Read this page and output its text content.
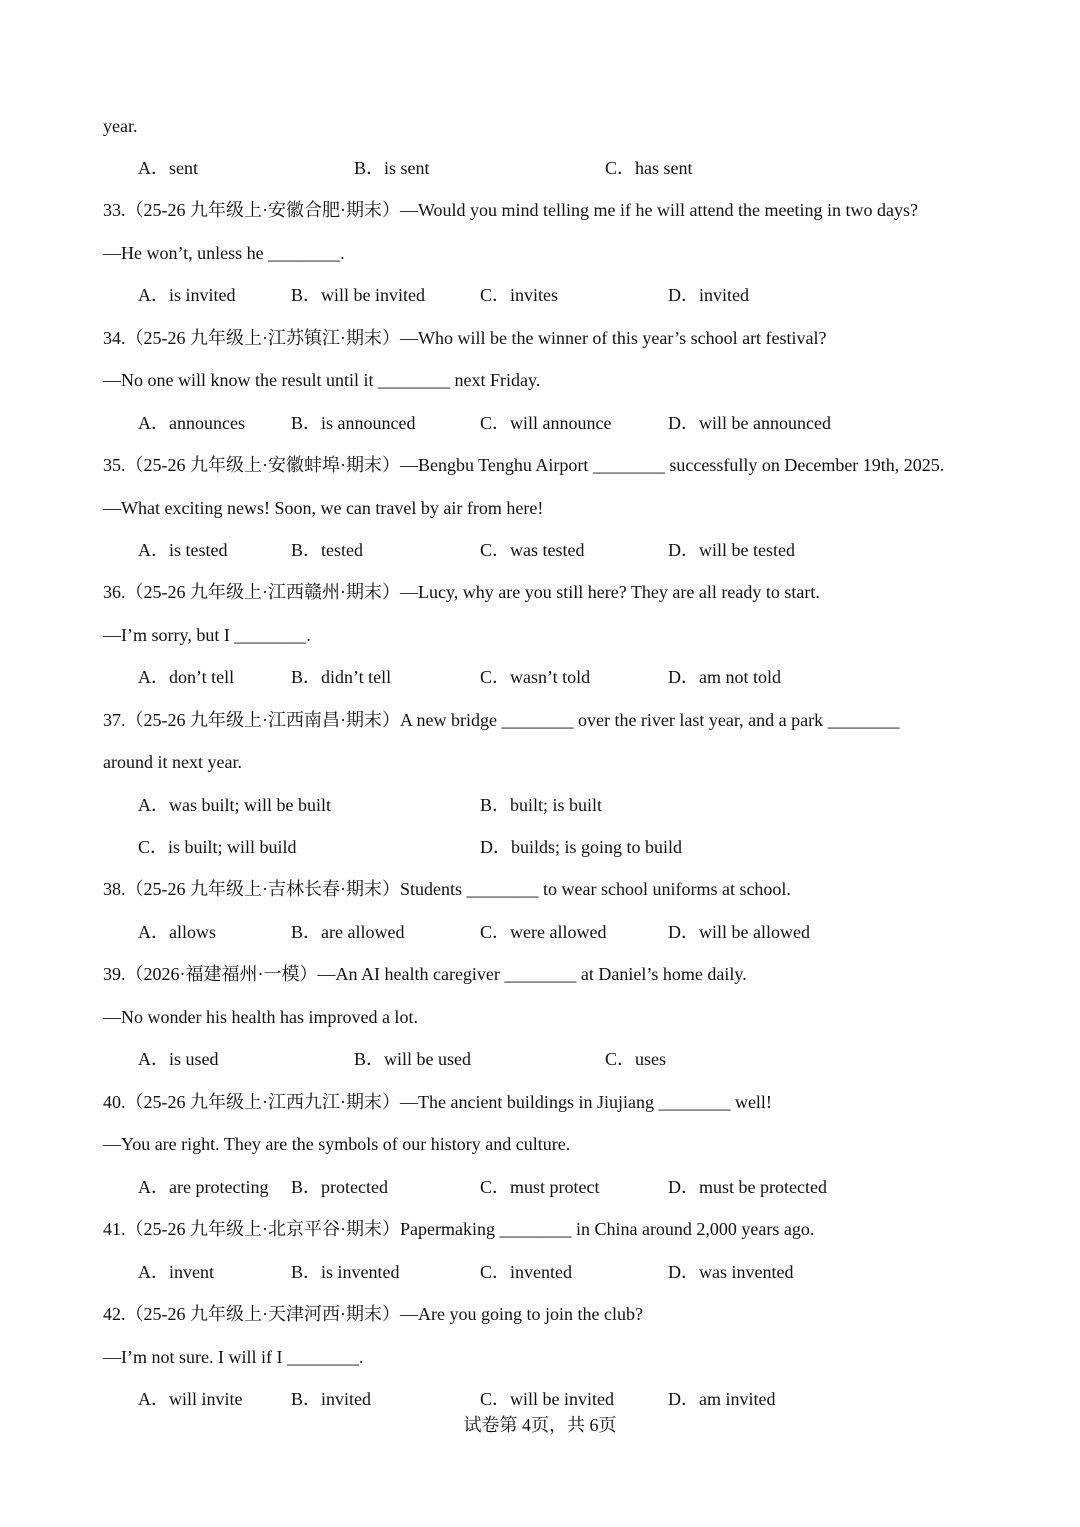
year.
A．sent	B．is sent	C．has sent
33.（25-26 九年级上·安徽合肥·期末）—Would you mind telling me if he will attend the meeting in two days?
—He won’t, unless he ________.
A．is invited	B．will be invited	C．invites	D．invited
34.（25-26 九年级上·江苏镇江·期末）—Who will be the winner of this year’s school art festival?
—No one will know the result until it ________ next Friday.
A．announces	B．is announced	C．will announce	D．will be announced
35.（25-26 九年级上·安徽蚌埠·期末）—Bengbu Tenghu Airport ________ successfully on December 19th, 2025.
—What exciting news! Soon, we can travel by air from here!
A．is tested	B．tested	C．was tested	D．will be tested
36.（25-26 九年级上·江西赣州·期末）—Lucy, why are you still here? They are all ready to start.
—I’m sorry, but I ________.
A．don’t tell	B．didn’t tell	C．wasn’t told	D．am not told
37.（25-26 九年级上·江西南昌·期末）A new bridge ________ over the river last year, and a park ________
around it next year.
A．was built; will be built	B．built; is built
C．is built; will build	D．builds; is going to build
38.（25-26 九年级上·吉林长春·期末）Students ________ to wear school uniforms at school.
A．allows	B．are allowed	C．were allowed	D．will be allowed
39.（2026·福建福州·一模）—An AI health caregiver ________ at Daniel’s home daily.
—No wonder his health has improved a lot.
A．is used	B．will be used	C．uses
40.（25-26 九年级上·江西九江·期末）—The ancient buildings in Jiujiang ________ well!
—You are right. They are the symbols of our history and culture.
A．are protecting B．protected	C．must protect	D．must be protected
41.（25-26 九年级上·北京平谷·期末）Papermaking ________ in China around 2,000 years ago.
A．invent	B．is invented	C．invented	D．was invented
42.（25-26 九年级上·天津河西·期末）—Are you going to join the club?
—I’m not sure. I will if I ________.
A．will invite	B．invited	C．will be invited	D．am invited
试卷第 4页，共 6页
